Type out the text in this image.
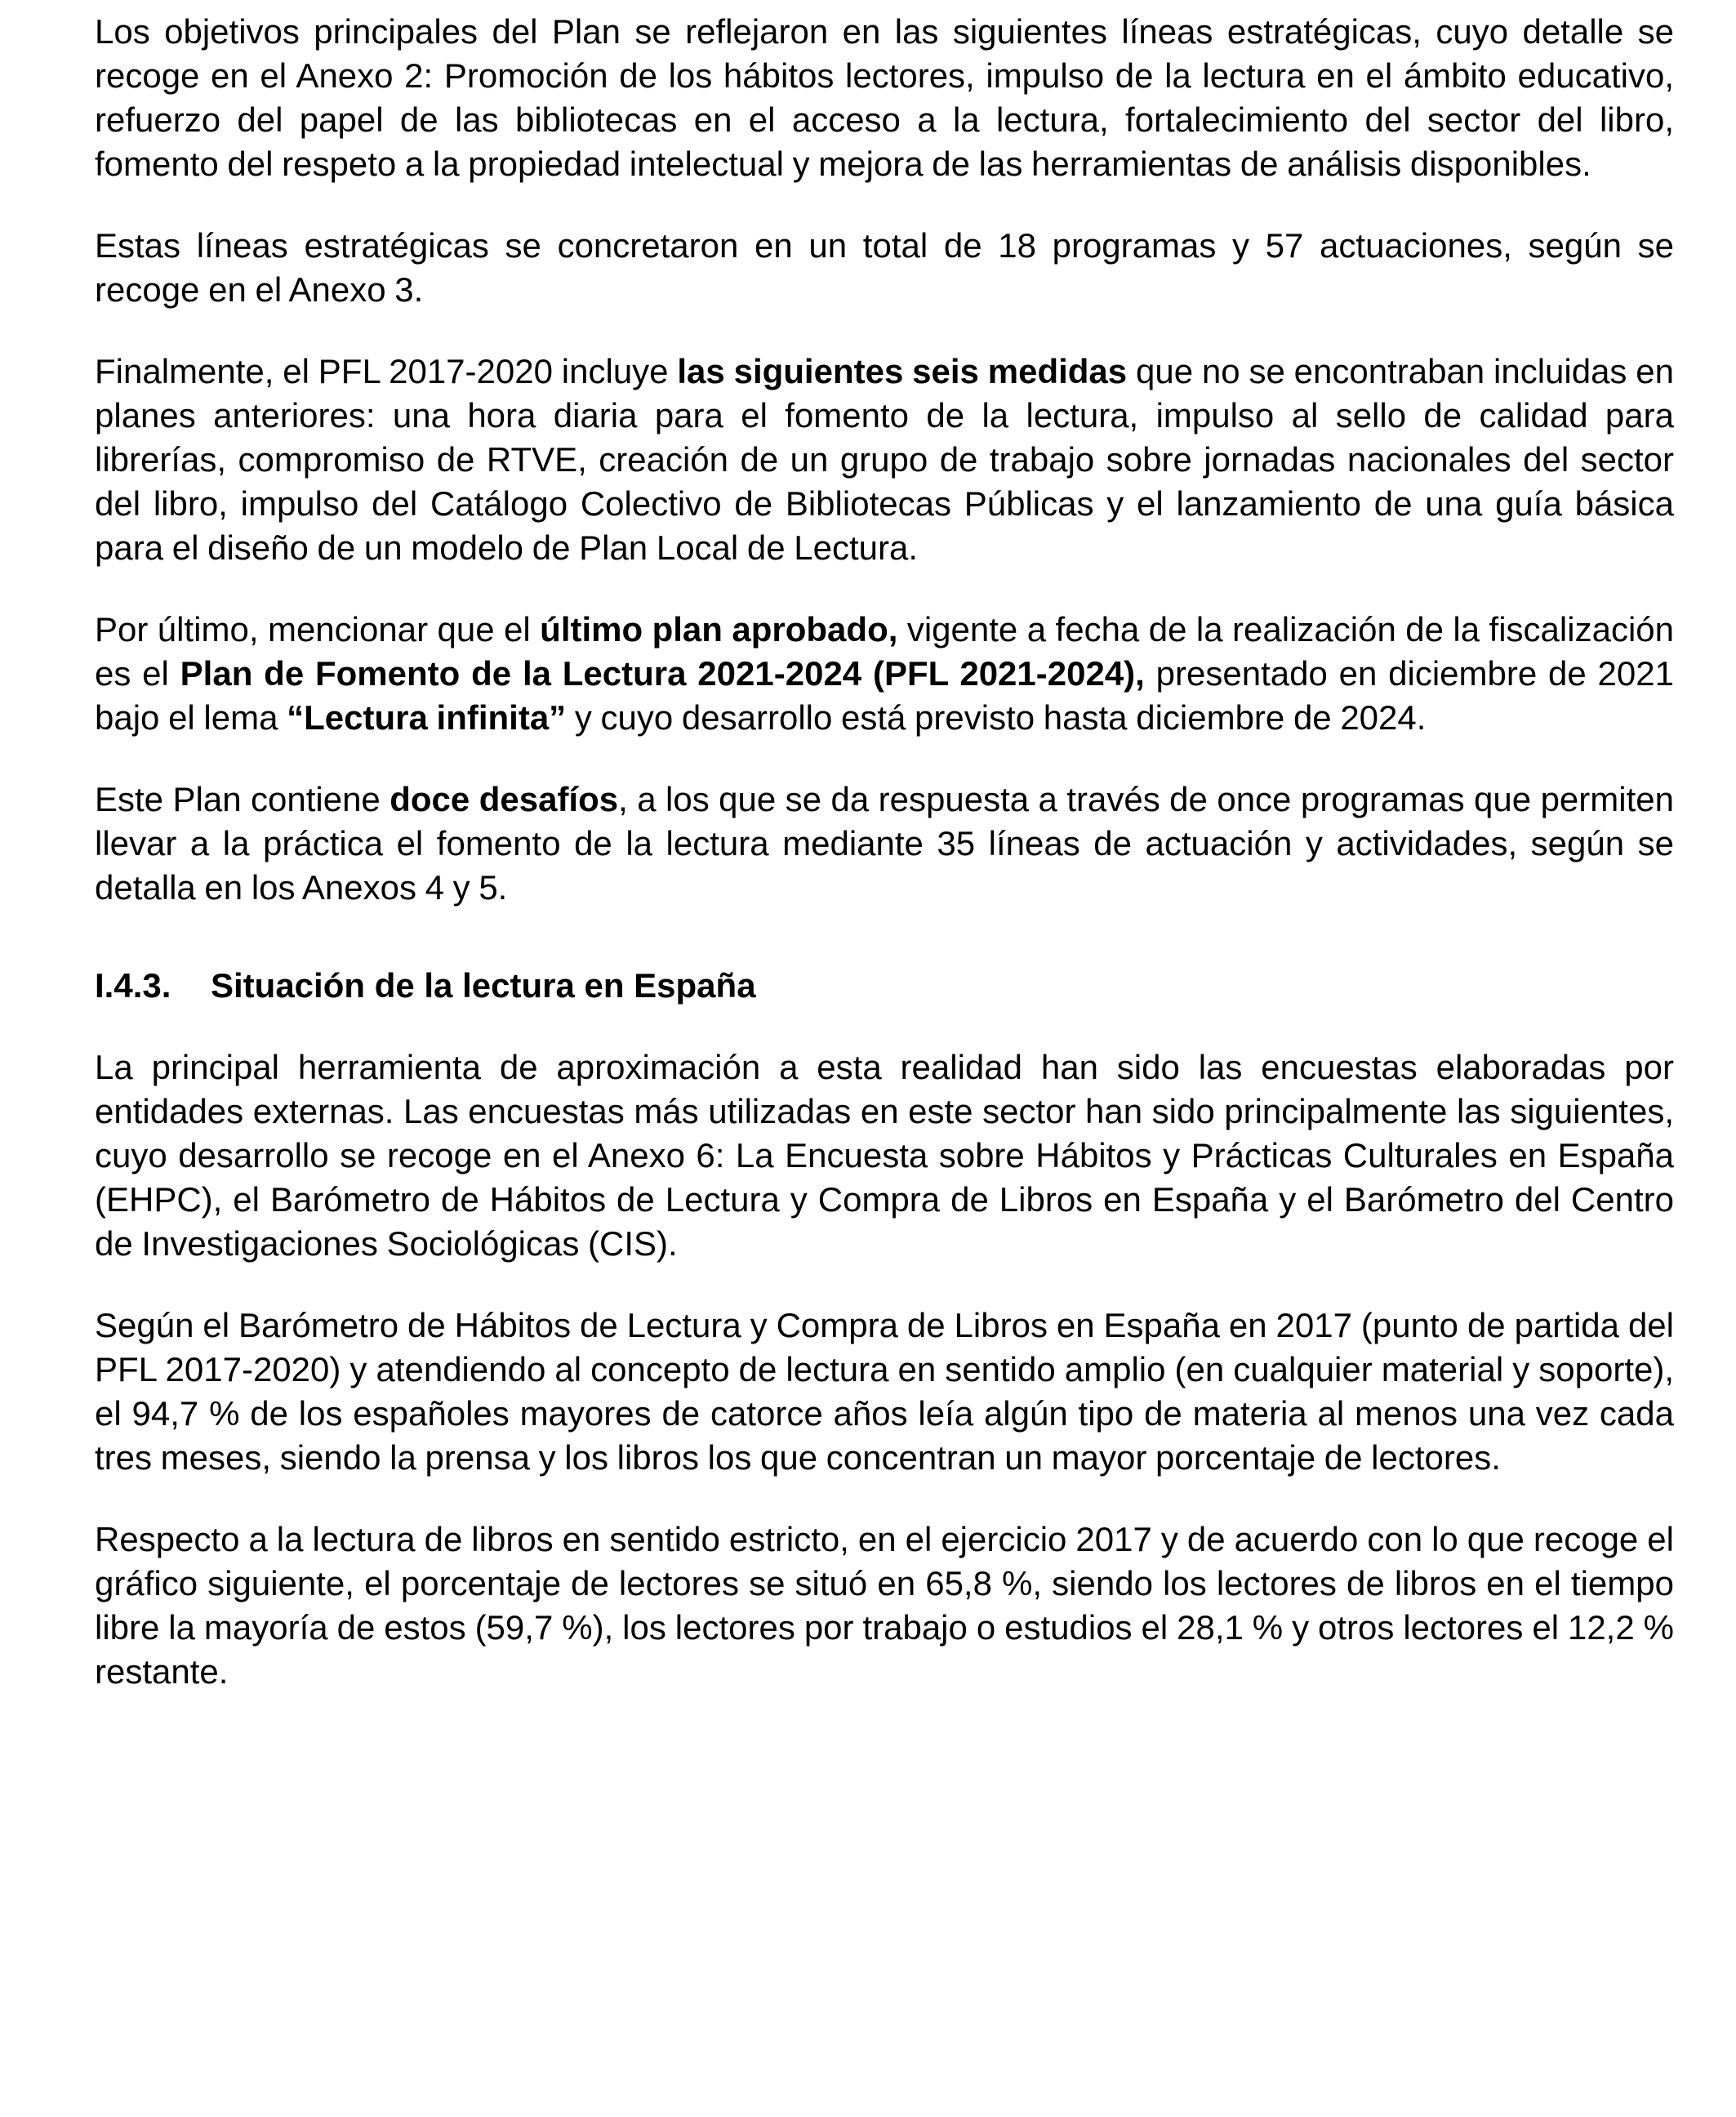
Los objetivos principales del Plan se reflejaron en las siguientes líneas estratégicas, cuyo detalle se recoge en el Anexo 2: Promoción de los hábitos lectores, impulso de la lectura en el ámbito educativo, refuerzo del papel de las bibliotecas en el acceso a la lectura, fortalecimiento del sector del libro, fomento del respeto a la propiedad intelectual y mejora de las herramientas de análisis disponibles.

Estas líneas estratégicas se concretaron en un total de 18 programas y 57 actuaciones, según se recoge en el Anexo 3.

Finalmente, el PFL 2017-2020 incluye las siguientes seis medidas que no se encontraban incluidas en planes anteriores: una hora diaria para el fomento de la lectura, impulso al sello de calidad para librerías, compromiso de RTVE, creación de un grupo de trabajo sobre jornadas nacionales del sector del libro, impulso del Catálogo Colectivo de Bibliotecas Públicas y el lanzamiento de una guía básica para el diseño de un modelo de Plan Local de Lectura.

Por último, mencionar que el último plan aprobado, vigente a fecha de la realización de la fiscalización es el Plan de Fomento de la Lectura 2021-2024 (PFL 2021-2024), presentado en diciembre de 2021 bajo el lema “Lectura infinita” y cuyo desarrollo está previsto hasta diciembre de 2024.

Este Plan contiene doce desafíos, a los que se da respuesta a través de once programas que permiten llevar a la práctica el fomento de la lectura mediante 35 líneas de actuación y actividades, según se detalla en los Anexos 4 y 5.

I.4.3.	Situación de la lectura en España

La principal herramienta de aproximación a esta realidad han sido las encuestas elaboradas por entidades externas. Las encuestas más utilizadas en este sector han sido principalmente las siguientes, cuyo desarrollo se recoge en el Anexo 6: La Encuesta sobre Hábitos y Prácticas Culturales en España (EHPC), el Barómetro de Hábitos de Lectura y Compra de Libros en España y el Barómetro del Centro de Investigaciones Sociológicas (CIS).

Según el Barómetro de Hábitos de Lectura y Compra de Libros en España en 2017 (punto de partida del PFL 2017-2020) y atendiendo al concepto de lectura en sentido amplio (en cualquier material y soporte), el 94,7 % de los españoles mayores de catorce años leía algún tipo de materia al menos una vez cada tres meses, siendo la prensa y los libros los que concentran un mayor porcentaje de lectores.

Respecto a la lectura de libros en sentido estricto, en el ejercicio 2017 y de acuerdo con lo que recoge el gráfico siguiente, el porcentaje de lectores se situó en 65,8 %, siendo los lectores de libros en el tiempo libre la mayoría de estos (59,7 %), los lectores por trabajo o estudios el 28,1 % y otros lectores el 12,2 % restante.
